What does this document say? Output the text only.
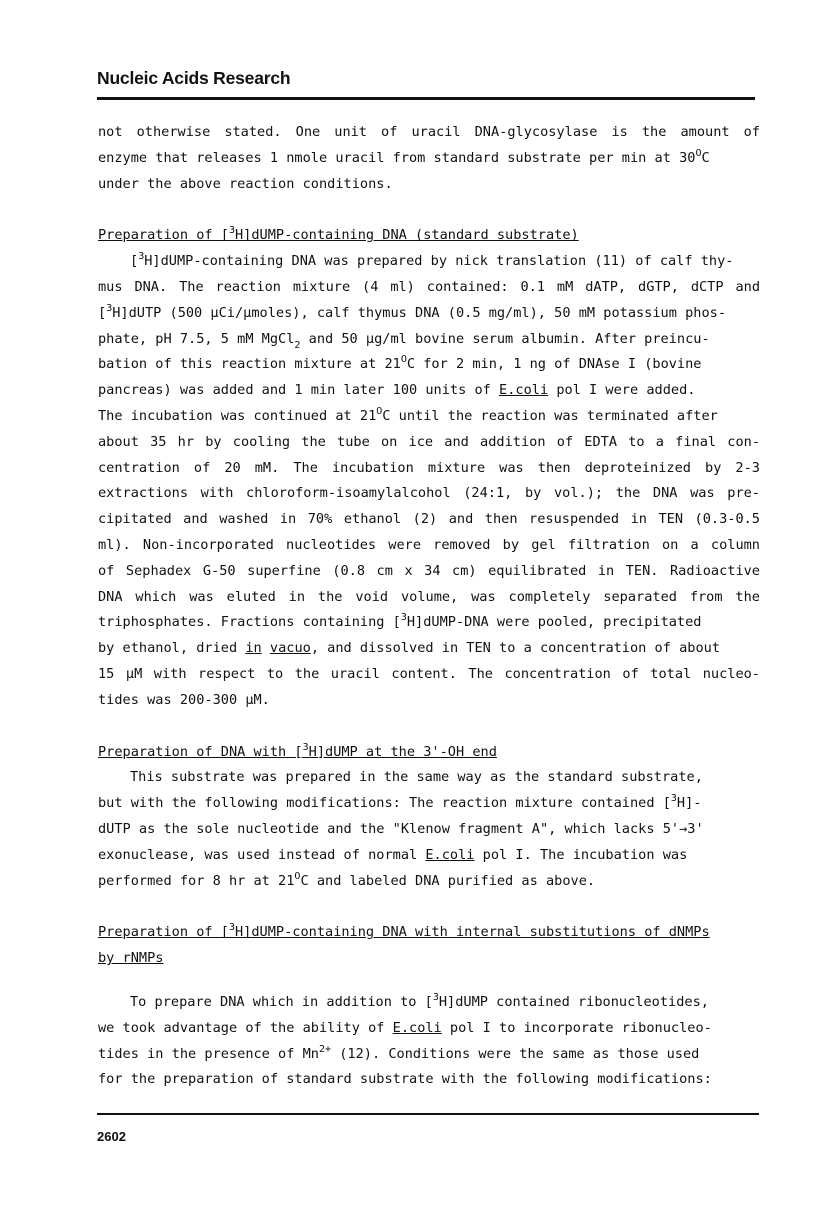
Nucleic Acids Research
not otherwise stated. One unit of uracil DNA-glycosylase is the amount of
enzyme that releases 1 nmole uracil from standard substrate per min at $30^OC$
under the above reaction conditions.
Preparation of [$^3$H]dUMP-containing DNA (standard substrate)
[$^3$H]dUMP-containing DNA was prepared by nick translation (11) of calf thy-
mus DNA. The reaction mixture (4 ml) contained: 0.1 mM dATP, dGTP, dCTP and
[$^3$H]dUTP (500 µCi/µmoles), calf thymus DNA (0.5 mg/ml), 50 mM potassium phos-
phate, pH 7.5, 5 mM MgCl$_2$ and 50 µg/ml bovine serum albumin. After preincu-
bation of this reaction mixture at $21^OC$ for 2 min, 1 ng of DNAse I (bovine
pancreas) was added and 1 min later 100 units of E.coli pol I were added.
The incubation was continued at $21^OC$ until the reaction was terminated after
about 35 hr by cooling the tube on ice and addition of EDTA to a final con-
centration of 20 mM. The incubation mixture was then deproteinized by 2-3
extractions with chloroform-isoamylalcohol (24:1, by vol.); the DNA was pre-
cipitated and washed in 70% ethanol (2) and then resuspended in TEN (0.3-0.5
ml). Non-incorporated nucleotides were removed by gel filtration on a column
of Sephadex G-50 superfine (0.8 cm x 34 cm) equilibrated in TEN. Radioactive
DNA which was eluted in the void volume, was completely separated from the
triphosphates. Fractions containing [$^3$H]dUMP-DNA were pooled, precipitated
by ethanol, dried in vacuo, and dissolved in TEN to a concentration of about
15 µM with respect to the uracil content. The concentration of total nucleo-
tides was 200-300 µM.
Preparation of DNA with [$^3$H]dUMP at the 3'-OH end
This substrate was prepared in the same way as the standard substrate,
but with the following modifications: The reaction mixture contained [$^3$H]-
dUTP as the sole nucleotide and the "Klenow fragment A", which lacks 5'→3'
exonuclease, was used instead of normal E.coli pol I. The incubation was
performed for 8 hr at $21^OC$ and labeled DNA purified as above.
Preparation of [$^3$H]dUMP-containing DNA with internal substitutions of dNMPs
by rNMPs
To prepare DNA which in addition to [$^3$H]dUMP contained ribonucleotides,
we took advantage of the ability of E.coli pol I to incorporate ribonucleo-
tides in the presence of $Mn^{2+}$ (12). Conditions were the same as those used
for the preparation of standard substrate with the following modifications:
2602
